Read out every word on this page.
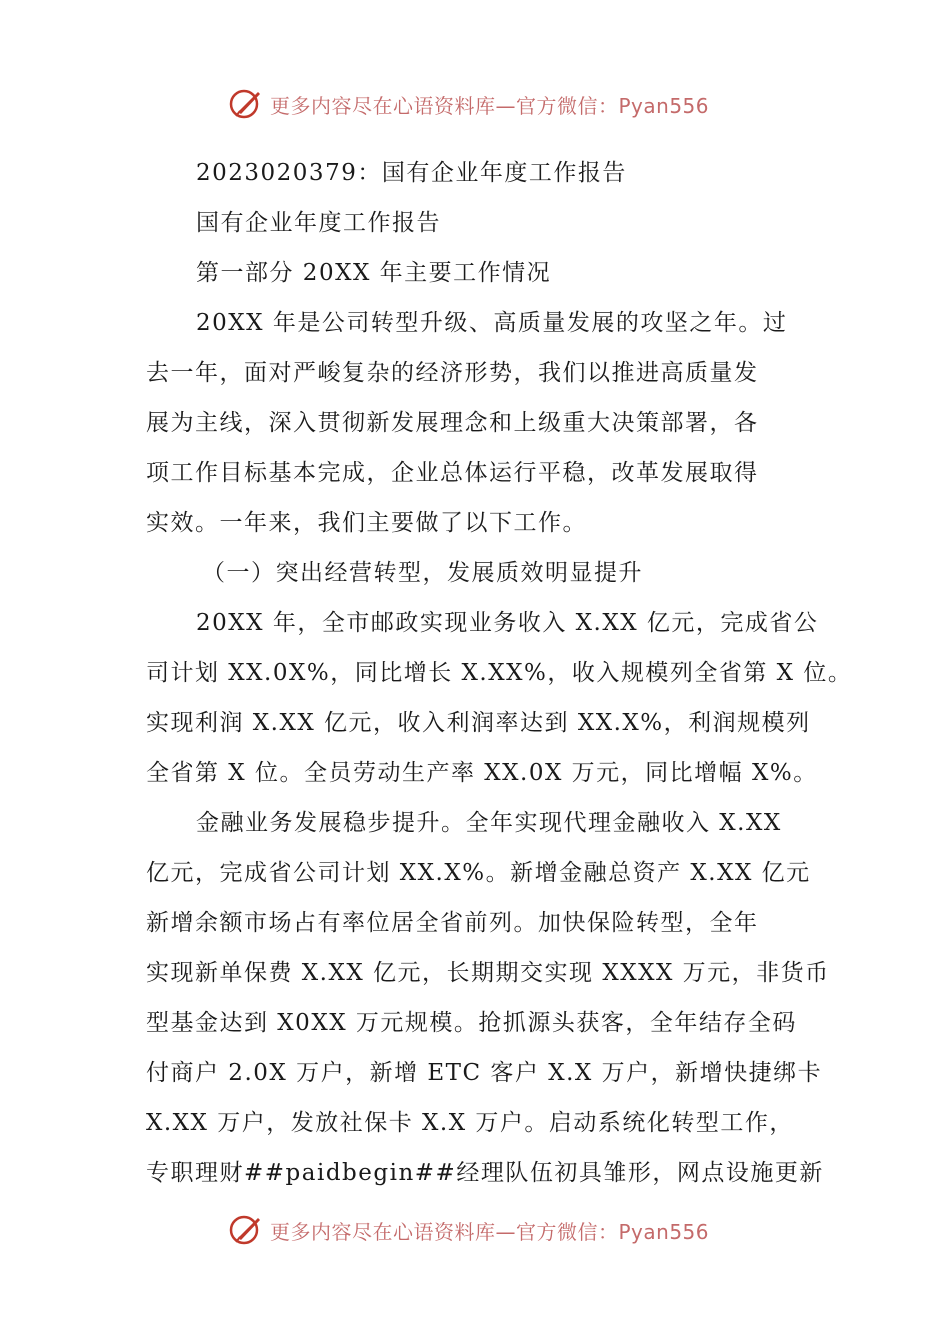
更多内容尽在心语资料库—官方微信：Pyan556
2023020379：国有企业年度工作报告
国有企业年度工作报告
第一部分 20XX 年主要工作情况
20XX 年是公司转型升级、高质量发展的攻坚之年。过
去一年，面对严峻复杂的经济形势，我们以推进高质量发
展为主线，深入贯彻新发展理念和上级重大决策部署，各
项工作目标基本完成，企业总体运行平稳，改革发展取得
实效。一年来，我们主要做了以下工作。
（一）突出经营转型，发展质效明显提升
20XX 年，全市邮政实现业务收入 X.XX 亿元，完成省公
司计划 XX.0X%，同比增长 X.XX%，收入规模列全省第 X 位。
实现利润 X.XX 亿元，收入利润率达到 XX.X%，利润规模列
全省第 X 位。全员劳动生产率 XX.0X 万元，同比增幅 X%。
金融业务发展稳步提升。全年实现代理金融收入 X.XX
亿元，完成省公司计划 XX.X%。新增金融总资产 X.XX 亿元
新增余额市场占有率位居全省前列。加快保险转型，全年
实现新单保费 X.XX 亿元，长期期交实现 XXXX 万元，非货币
型基金达到 X0XX 万元规模。抢抓源头获客，全年结存全码
付商户 2.0X 万户，新增 ETC 客户 X.X 万户，新增快捷绑卡
X.XX 万户，发放社保卡 X.X 万户。启动系统化转型工作，
专职理财##paidbegin##经理队伍初具雏形，网点设施更新
更多内容尽在心语资料库—官方微信：Pyan556
